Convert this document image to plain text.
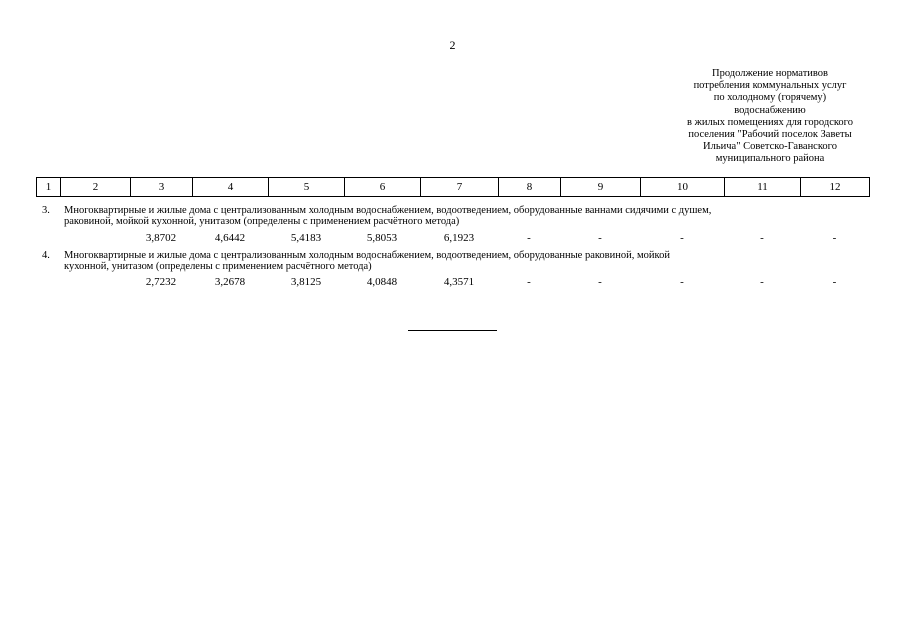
2
Продолжение нормативов
потребления коммунальных услуг
по холодному (горячему)
водоснабжению
в жилых помещениях для городского
поселения "Рабочий поселок Заветы
Ильича" Советско-Гаванского
муниципального района
1	2	3	4	5	6	7	8	9	10	11	12
3. Многоквартирные и жилые дома с централизованным холодным водоснабжением, водоотведением, оборудованные ваннами сидячими с душем,
раковиной, мойкой кухонной, унитазом (определены с применением расчётного метода)
3,8702	4,6442	5,4183	5,8053	6,1923	-	-	-	-	-
4. Многоквартирные и жилые дома с централизованным холодным водоснабжением, водоотведением, оборудованные раковиной, мойкой
кухонной, унитазом (определены с применением расчётного метода)
2,7232	3,2678	3,8125	4,0848	4,3571	-	-	-	-	-
